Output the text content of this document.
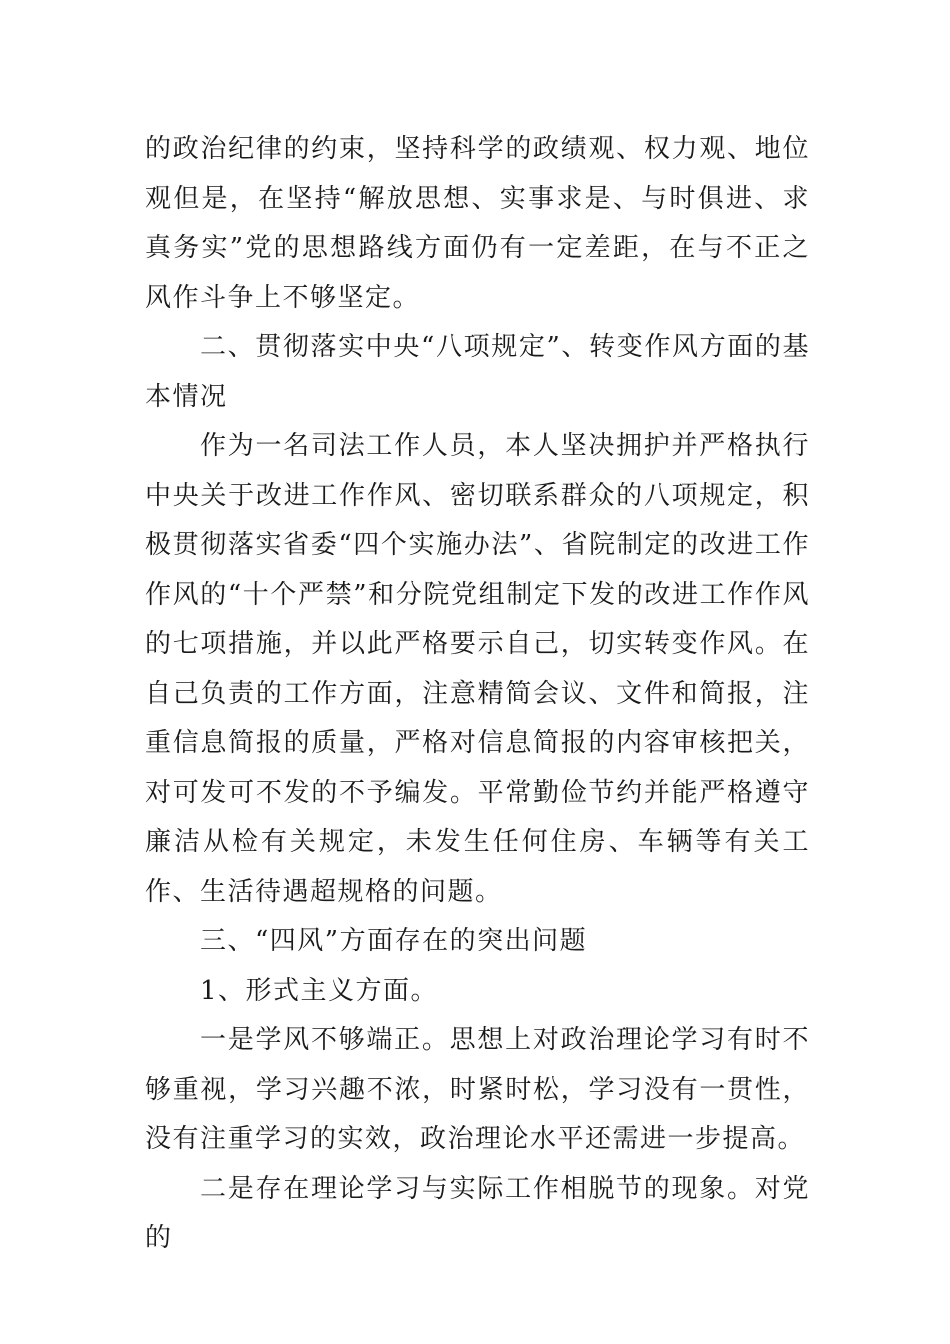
的政治纪律的约束，坚持科学的政绩观、权力观、地位观但是，在坚持“解放思想、实事求是、与时俱进、求真务实”党的思想路线方面仍有一定差距，在与不正之风作斗争上不够坚定。

二、贯彻落实中央“八项规定”、转变作风方面的基本情况

作为一名司法工作人员，本人坚决拥护并严格执行中央关于改进工作作风、密切联系群众的八项规定，积极贯彻落实省委“四个实施办法”、省院制定的改进工作作风的“十个严禁”和分院党组制定下发的改进工作作风的七项措施，并以此严格要示自己，切实转变作风。在自己负责的工作方面，注意精简会议、文件和简报，注重信息简报的质量，严格对信息简报的内容审核把关，对可发可不发的不予编发。平常勤俭节约并能严格遵守廉洁从检有关规定，未发生任何住房、车辆等有关工作、生活待遇超规格的问题。

三、“四风”方面存在的突出问题

1、形式主义方面。

一是学风不够端正。思想上对政治理论学习有时不够重视，学习兴趣不浓，时紧时松，学习没有一贯性，没有注重学习的实效，政治理论水平还需进一步提高。

二是存在理论学习与实际工作相脱节的现象。对党的
